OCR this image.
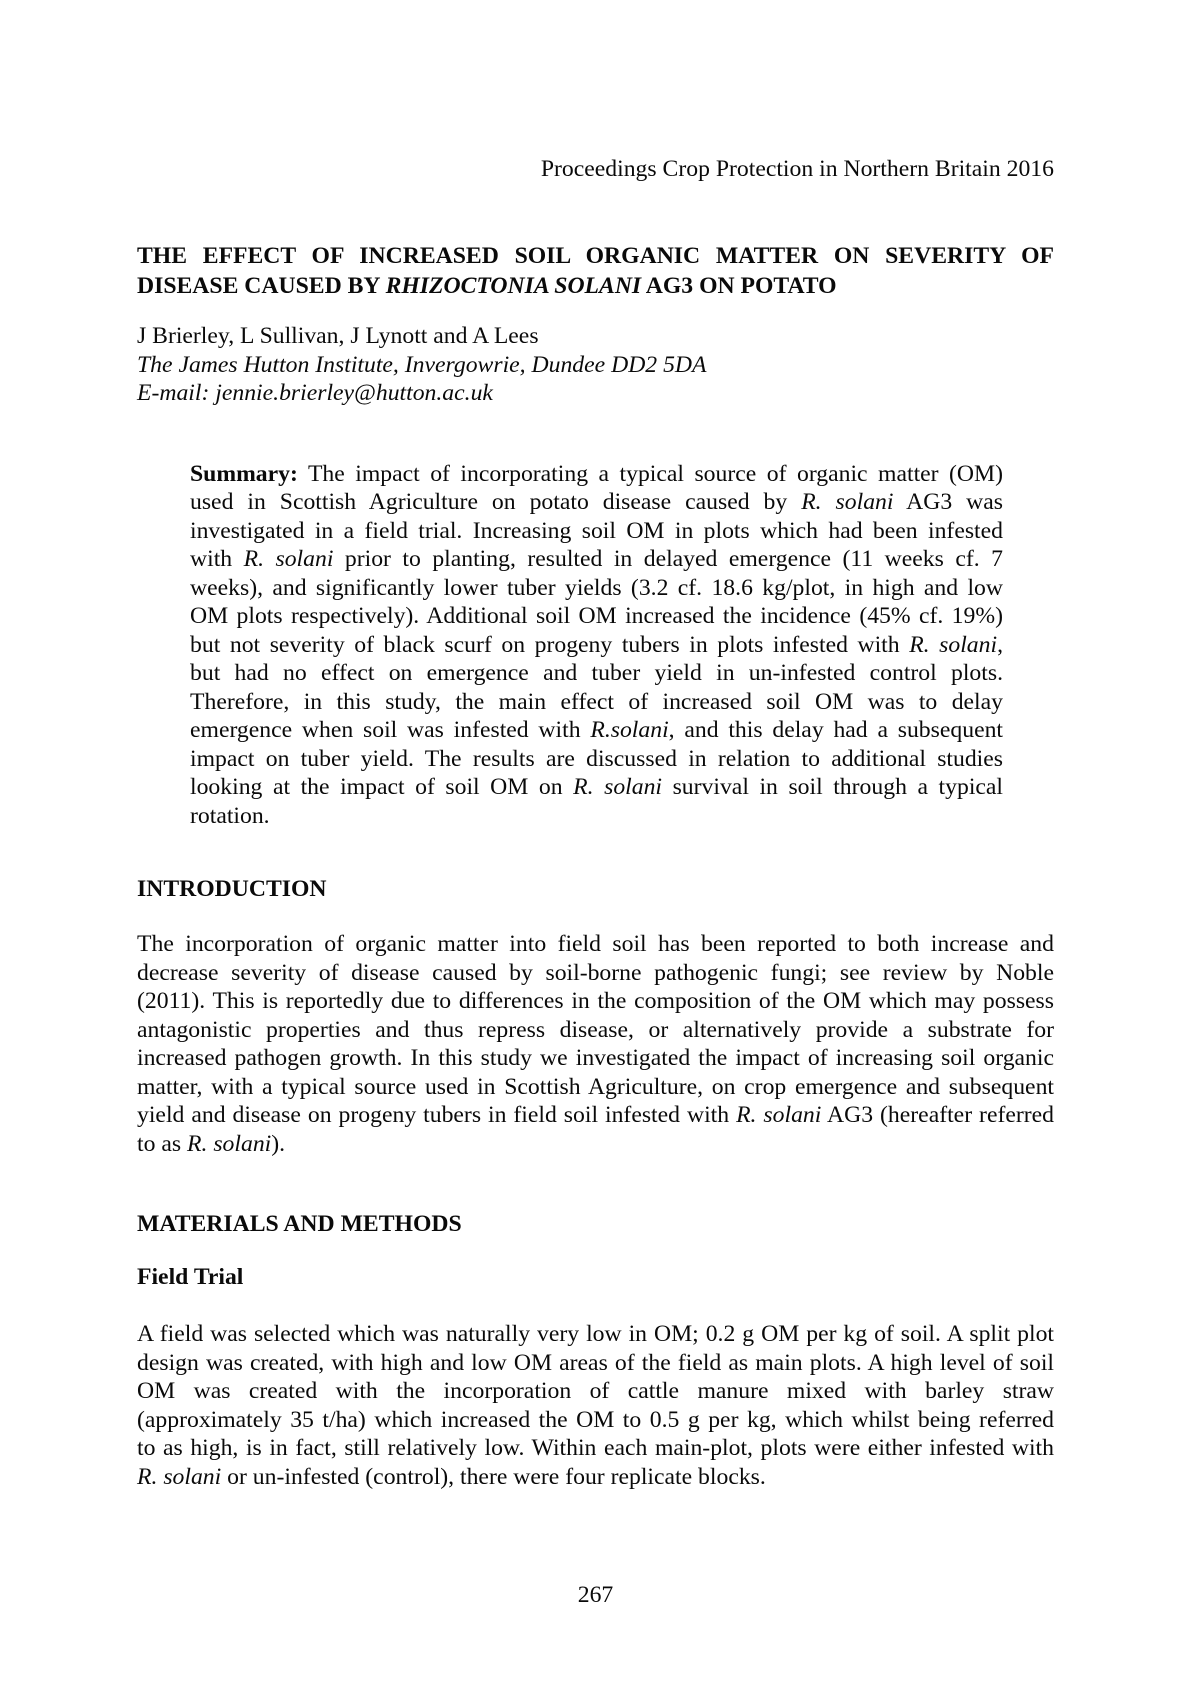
Proceedings Crop Protection in Northern Britain 2016
THE EFFECT OF INCREASED SOIL ORGANIC MATTER ON SEVERITY OF
DISEASE CAUSED BY RHIZOCTONIA SOLANI AG3 ON POTATO
J Brierley, L Sullivan, J Lynott and A Lees
The James Hutton Institute, Invergowrie, Dundee DD2 5DA
E-mail: jennie.brierley@hutton.ac.uk
Summary: The impact of incorporating a typical source of organic matter (OM)
used in Scottish Agriculture on potato disease caused by R. solani AG3 was
investigated in a field trial. Increasing soil OM in plots which had been infested
with R. solani prior to planting, resulted in delayed emergence (11 weeks cf. 7
weeks), and significantly lower tuber yields (3.2 cf. 18.6 kg/plot, in high and low
OM plots respectively). Additional soil OM increased the incidence (45% cf. 19%)
but not severity of black scurf on progeny tubers in plots infested with R. solani,
but had no effect on emergence and tuber yield in un-infested control plots.
Therefore, in this study, the main effect of increased soil OM was to delay
emergence when soil was infested with R.solani, and this delay had a subsequent
impact on tuber yield. The results are discussed in relation to additional studies
looking at the impact of soil OM on R. solani survival in soil through a typical
rotation.
INTRODUCTION
The incorporation of organic matter into field soil has been reported to both increase and
decrease severity of disease caused by soil-borne pathogenic fungi; see review by Noble
(2011). This is reportedly due to differences in the composition of the OM which may possess
antagonistic properties and thus repress disease, or alternatively provide a substrate for
increased pathogen growth. In this study we investigated the impact of increasing soil organic
matter, with a typical source used in Scottish Agriculture, on crop emergence and subsequent
yield and disease on progeny tubers in field soil infested with R. solani AG3 (hereafter referred
to as R. solani).
MATERIALS AND METHODS
Field Trial
A field was selected which was naturally very low in OM; 0.2 g OM per kg of soil. A split plot
design was created, with high and low OM areas of the field as main plots. A high level of soil
OM was created with the incorporation of cattle manure mixed with barley straw
(approximately 35 t/ha) which increased the OM to 0.5 g per kg, which whilst being referred
to as high, is in fact, still relatively low. Within each main-plot, plots were either infested with
R. solani or un-infested (control), there were four replicate blocks.
267
